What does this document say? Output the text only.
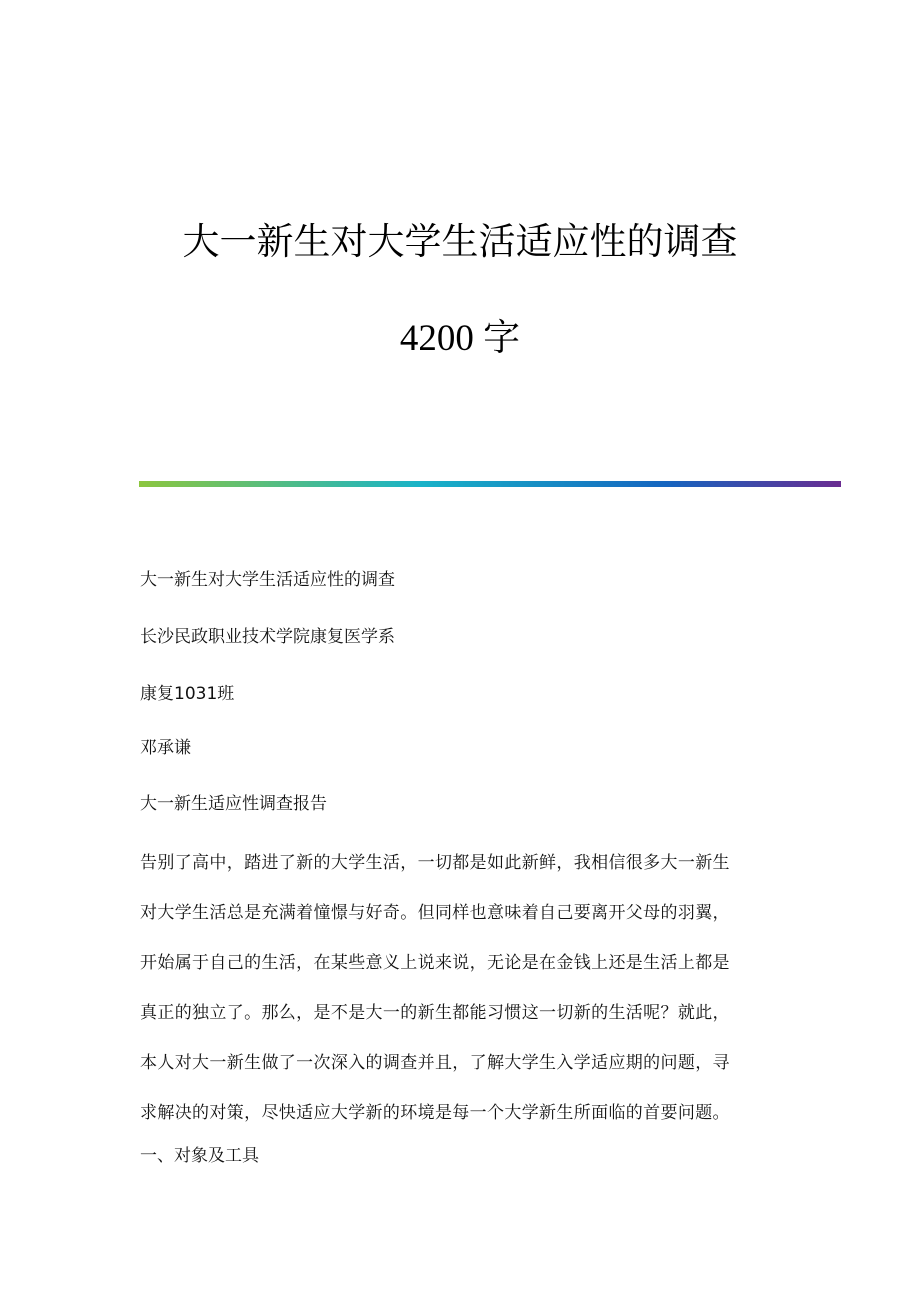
大一新生对大学生活适应性的调查
4200 字
大一新生对大学生活适应性的调查
长沙民政职业技术学院康复医学系
康复1031班
邓承谦
大一新生适应性调查报告
告别了高中，踏进了新的大学生活，一切都是如此新鲜，我相信很多大一新生
对大学生活总是充满着憧憬与好奇。但同样也意味着自己要离开父母的羽翼，
开始属于自己的生活，在某些意义上说来说，无论是在金钱上还是生活上都是
真正的独立了。那么，是不是大一的新生都能习惯这一切新的生活呢？就此，
本人对大一新生做了一次深入的调查并且，了解大学生入学适应期的问题，寻
求解决的对策，尽快适应大学新的环境是每一个大学新生所面临的首要问题。
一、对象及工具
